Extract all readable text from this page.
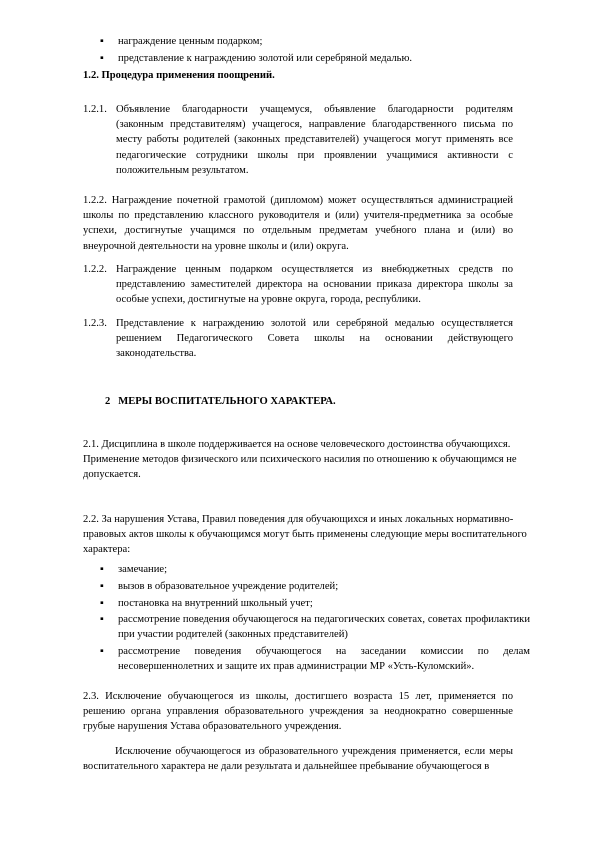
▪	награждение ценным подарком;
▪	представление к награждению золотой или серебряной медалью.
1.2. Процедура применения поощрений.
1.2.1. Объявление благодарности учащемуся, объявление благодарности родителям (законным представителям) учащегося, направление благодарственного письма по месту работы родителей (законных представителей) учащегося могут применять все педагогические сотрудники школы при проявлении учащимися активности с положительным результатом.
1.2.2. Награждение почетной грамотой (дипломом) может осуществляться администрацией школы по представлению классного руководителя и (или) учителя-предметника за особые успехи, достигнутые учащимся по отдельным предметам учебного плана и (или) во внеурочной деятельности на уровне школы и (или) округа.
1.2.2. Награждение ценным подарком осуществляется из внебюджетных средств по представлению заместителей директора на основании приказа директора школы за особые успехи, достигнутые на уровне округа, города, республики.
1.2.3. Представление к награждению золотой или серебряной медалью осуществляется решением Педагогического Совета школы на основании действующего законодательства.
2   МЕРЫ ВОСПИТАТЕЛЬНОГО ХАРАКТЕРА.
2.1. Дисциплина в школе поддерживается на основе человеческого достоинства обучающихся. Применение методов физического или психического насилия по отношению к обучающимся не допускается.
2.2. За нарушения Устава, Правил поведения для обучающихся и иных локальных нормативно-правовых актов школы к обучающимся могут быть применены следующие меры воспитательного характера:
▪	замечание;
▪	вызов в образовательное учреждение родителей;
▪	постановка на внутренний школьный учет;
▪	рассмотрение поведения обучающегося на педагогических советах, советах профилактики при участии родителей (законных представителей)
▪	рассмотрение поведения обучающегося на заседании комиссии по делам несовершеннолетних и защите их прав администрации МР «Усть-Куломский».
2.3. Исключение обучающегося из школы, достигшего возраста 15 лет, применяется по решению органа управления образовательного учреждения за неоднократно совершенные грубые нарушения Устава образовательного учреждения.
Исключение обучающегося из образовательного учреждения применяется, если меры воспитательного характера не дали результата и дальнейшее пребывание обучающегося в
